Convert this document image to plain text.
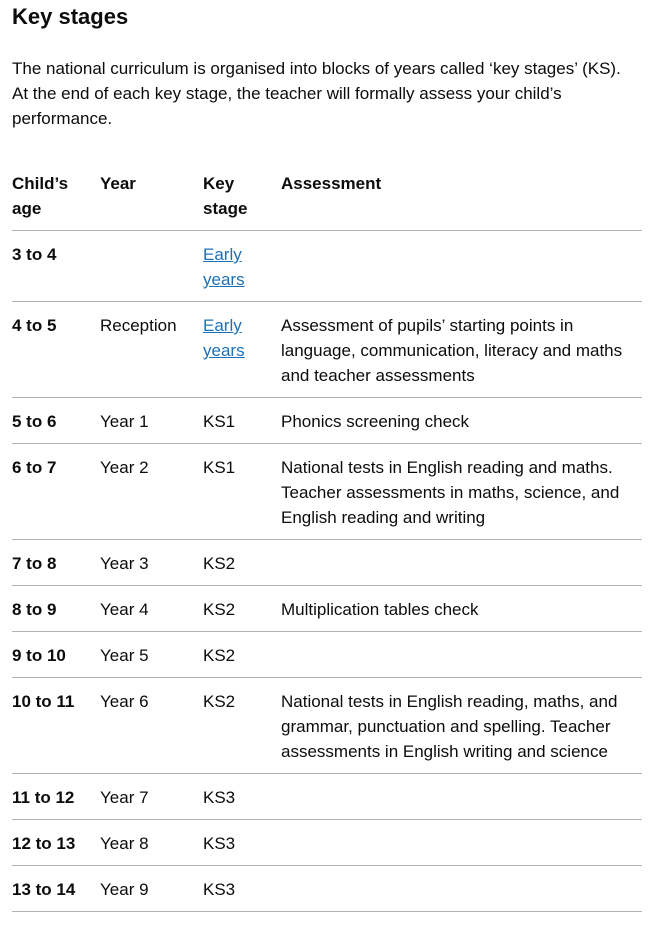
Key stages

The national curriculum is organised into blocks of years called ‘key stages’ (KS). At the end of each key stage, the teacher will formally assess your child’s performance.

Child’s age	Year	Key stage	Assessment
3 to 4		Early years	
4 to 5	Reception	Early years	Assessment of pupils’ starting points in language, communication, literacy and maths and teacher assessments
5 to 6	Year 1	KS1	Phonics screening check
6 to 7	Year 2	KS1	National tests in English reading and maths. Teacher assessments in maths, science, and English reading and writing
7 to 8	Year 3	KS2	
8 to 9	Year 4	KS2	Multiplication tables check
9 to 10	Year 5	KS2	
10 to 11	Year 6	KS2	National tests in English reading, maths, and grammar, punctuation and spelling. Teacher assessments in English writing and science
11 to 12	Year 7	KS3	
12 to 13	Year 8	KS3	
13 to 14	Year 9	KS3	
